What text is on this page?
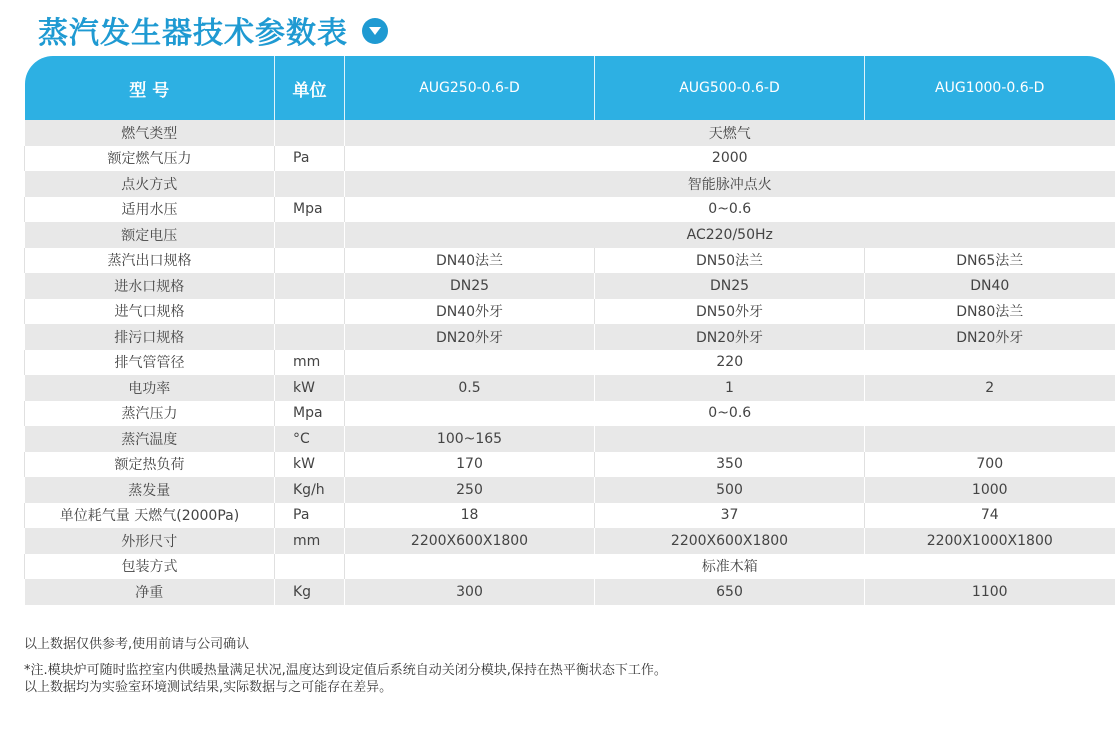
蒸汽发生器技术参数表
型 号	单位	AUG250-0.6-D	AUG500-0.6-D	AUG1000-0.6-D
燃气类型		天燃气		
额定燃气压力	Pa	2000		
点火方式		智能脉冲点火		
适用水压	Mpa	0~0.6		
额定电压		AC220/50Hz		
蒸汽出口规格		DN40法兰	DN50法兰	DN65法兰
进水口规格		DN25	DN25	DN40
进气口规格		DN40外牙	DN50外牙	DN80法兰
排污口规格		DN20外牙	DN20外牙	DN20外牙
排气管管径	mm	220		
电功率	kW	0.5	1	2
蒸汽压力	Mpa	0~0.6		
蒸汽温度	°C	100~165		
额定热负荷	kW	170	350	700
蒸发量	Kg/h	250	500	1000
单位耗气量 天燃气(2000Pa)	Pa	18	37	74
外形尺寸	mm	2200X600X1800	2200X600X1800	2200X1000X1800
包装方式		标准木箱		
净重	Kg	300	650	1100
以上数据仅供参考,使用前请与公司确认
*注.模块炉可随时监控室内供暖热量满足状况,温度达到设定值后系统自动关闭分模块,保持在热平衡状态下工作。
以上数据均为实验室环境测试结果,实际数据与之可能存在差异。
